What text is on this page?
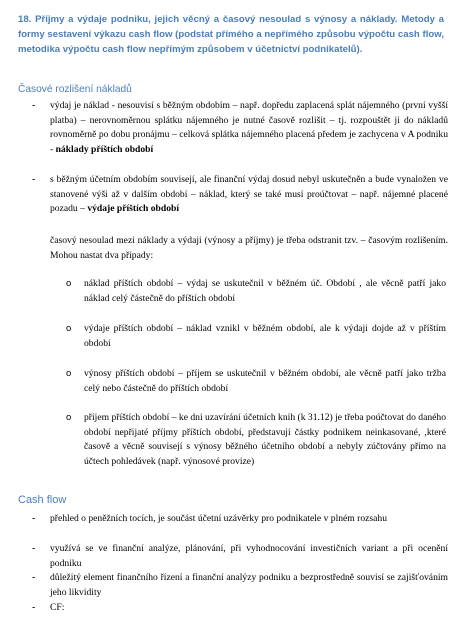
18. Příjmy a výdaje podniku, jejich věcný a časový nesoulad s výnosy a náklady. Metody a formy sestavení výkazu cash flow (podstat přímého a nepřímého způsobu výpočtu cash flow, metodika výpočtu cash flow nepřímým způsobem v účetnictví podnikatelů).
Časové rozlišení nákladů
- výdaj je náklad - nesouvisí s běžným obdobím – např. dopředu zaplacená splát nájemného (první vyšší platba) – nerovnoměrnou splátku nájemného je nutné časově rozlišit – tj. rozpouštět ji do nákladů rovnoměrně po dobu pronájmu – celková splátka nájemného placená předem je zachycena v A podniku - náklady příštích období
- s běžným účetním obdobím souvisejí, ale finanční výdaj dosud nebyl uskutečněn a bude vynaložen ve stanovené výši až v dalším období – náklad, který se také musí proúčtovat – např. nájemné placené pozadu – výdaje příštích období
časový nesoulad mezi náklady a výdaji (výnosy a příjmy) je třeba odstranit tzv. – časovým rozlišením. Mohou nastat dva případy:
o náklad příštích období – výdaj se uskutečnil v běžném úč. Období , ale věcně patří jako náklad celý částečně do příštích období
o výdaje příštích období – náklad vznikl v běžném období, ale k výdaji dojde až v příštím období
o výnosy příštích období – příjem se uskutečnil v běžném období, ale věcně patří jako tržba celý nebo částečně do příštích období
o příjem příštích období – ke dni uzavírání účetních knih (k 31.12) je třeba poúčtovat do daného období nepřijaté příjmy příštích období, představují částky podnikem neinkasované, ,které časově a věcně souvisejí s výnosy běžného účetního období a nebyly zúčtovány přímo na účtech pohledávek (např. výnosové provize)
Cash flow
- přehled o peněžních tocích, je součást účetní uzávěrky pro podnikatele v plném rozsahu
- využívá se ve finanční analýze, plánování, při vyhodnocování investičních variant a při ocenění podniku
- důležitý element finančního řízení a finanční analýzy podniku a bezprostředně souvisí se zajišťováním jeho likvidity
- CF:
